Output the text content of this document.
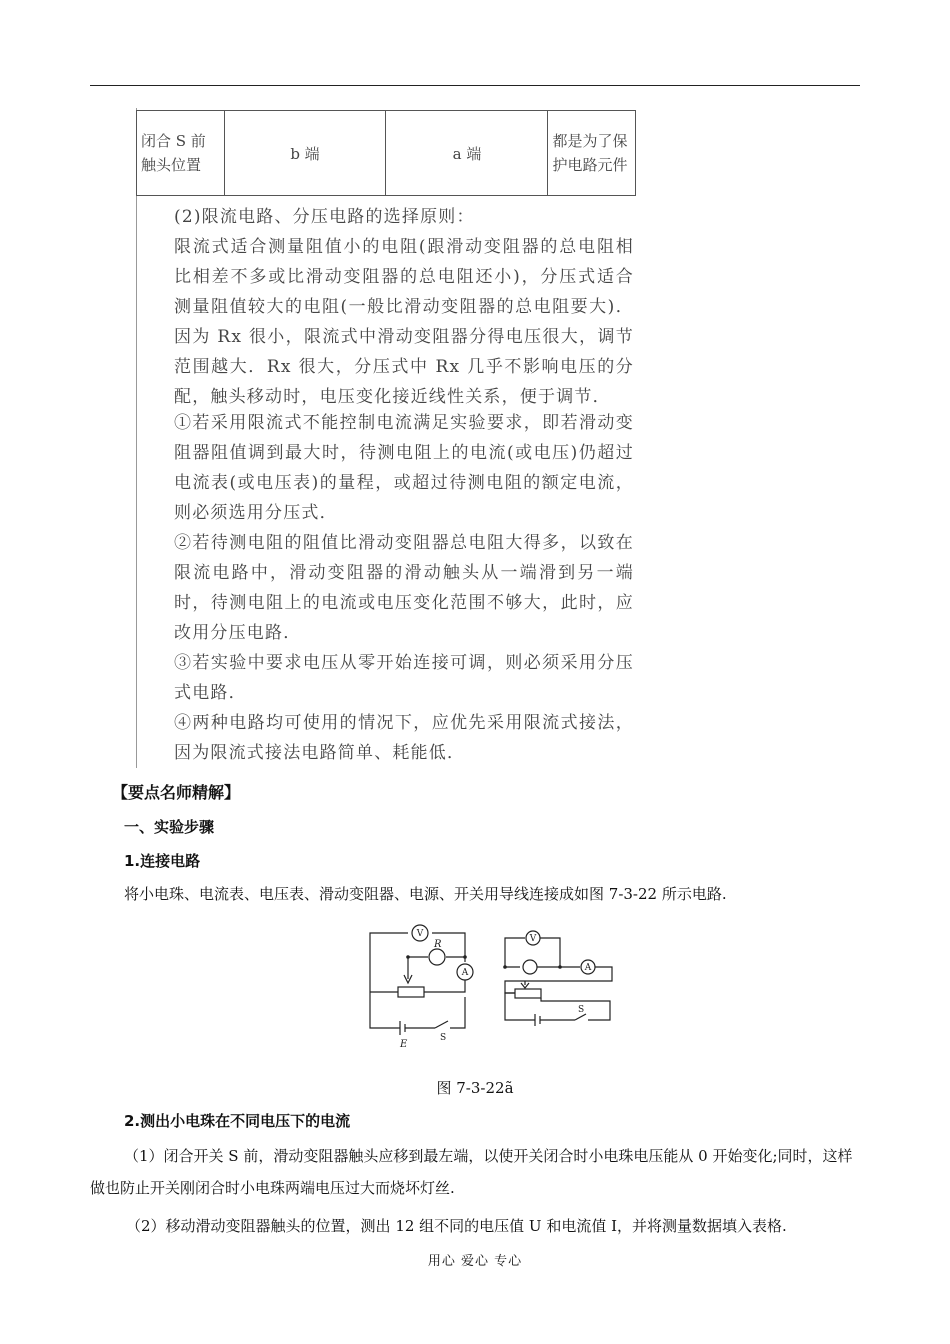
闭合 S 前触头位置	b 端	a 端	都是为了保护电路元件
(2)限流电路、分压电路的选择原则：
限流式适合测量阻值小的电阻(跟滑动变阻器的总电阻相比相差不多或比滑动变阻器的总电阻还小)，分压式适合测量阻值较大的电阻(一般比滑动变阻器的总电阻要大)．因为 Rx 很小，限流式中滑动变阻器分得电压很大，调节范围越大．Rx 很大，分压式中 Rx 几乎不影响电压的分配，触头移动时，电压变化接近线性关系，便于调节．
①若采用限流式不能控制电流满足实验要求，即若滑动变阻器阻值调到最大时，待测电阻上的电流(或电压)仍超过电流表(或电压表)的量程，或超过待测电阻的额定电流，则必须选用分压式．
②若待测电阻的阻值比滑动变阻器总电阻大得多，以致在限流电路中，滑动变阻器的滑动触头从一端滑到另一端时，待测电阻上的电流或电压变化范围不够大，此时，应改用分压电路．
③若实验中要求电压从零开始连接可调，则必须采用分压式电路．
④两种电路均可使用的情况下，应优先采用限流式接法，因为限流式接法电路简单、耗能低．
【要点名师精解】
一、实验步骤
1.连接电路
将小电珠、电流表、电压表、滑动变阻器、电源、开关用导线连接成如图 7-3-22 所示电路.
V
A
V
A
R
E
S
S
图 7-3-22ã
2.测出小电珠在不同电压下的电流
（1）闭合开关 S 前，滑动变阻器触头应移到最左端，以使开关闭合时小电珠电压能从 0 开始变化;同时，这样做也防止开关刚闭合时小电珠两端电压过大而烧坏灯丝.
（2）移动滑动变阻器触头的位置，测出 12 组不同的电压值 U 和电流值 I，并将测量数据填入表格.
用心 爱心 专心
